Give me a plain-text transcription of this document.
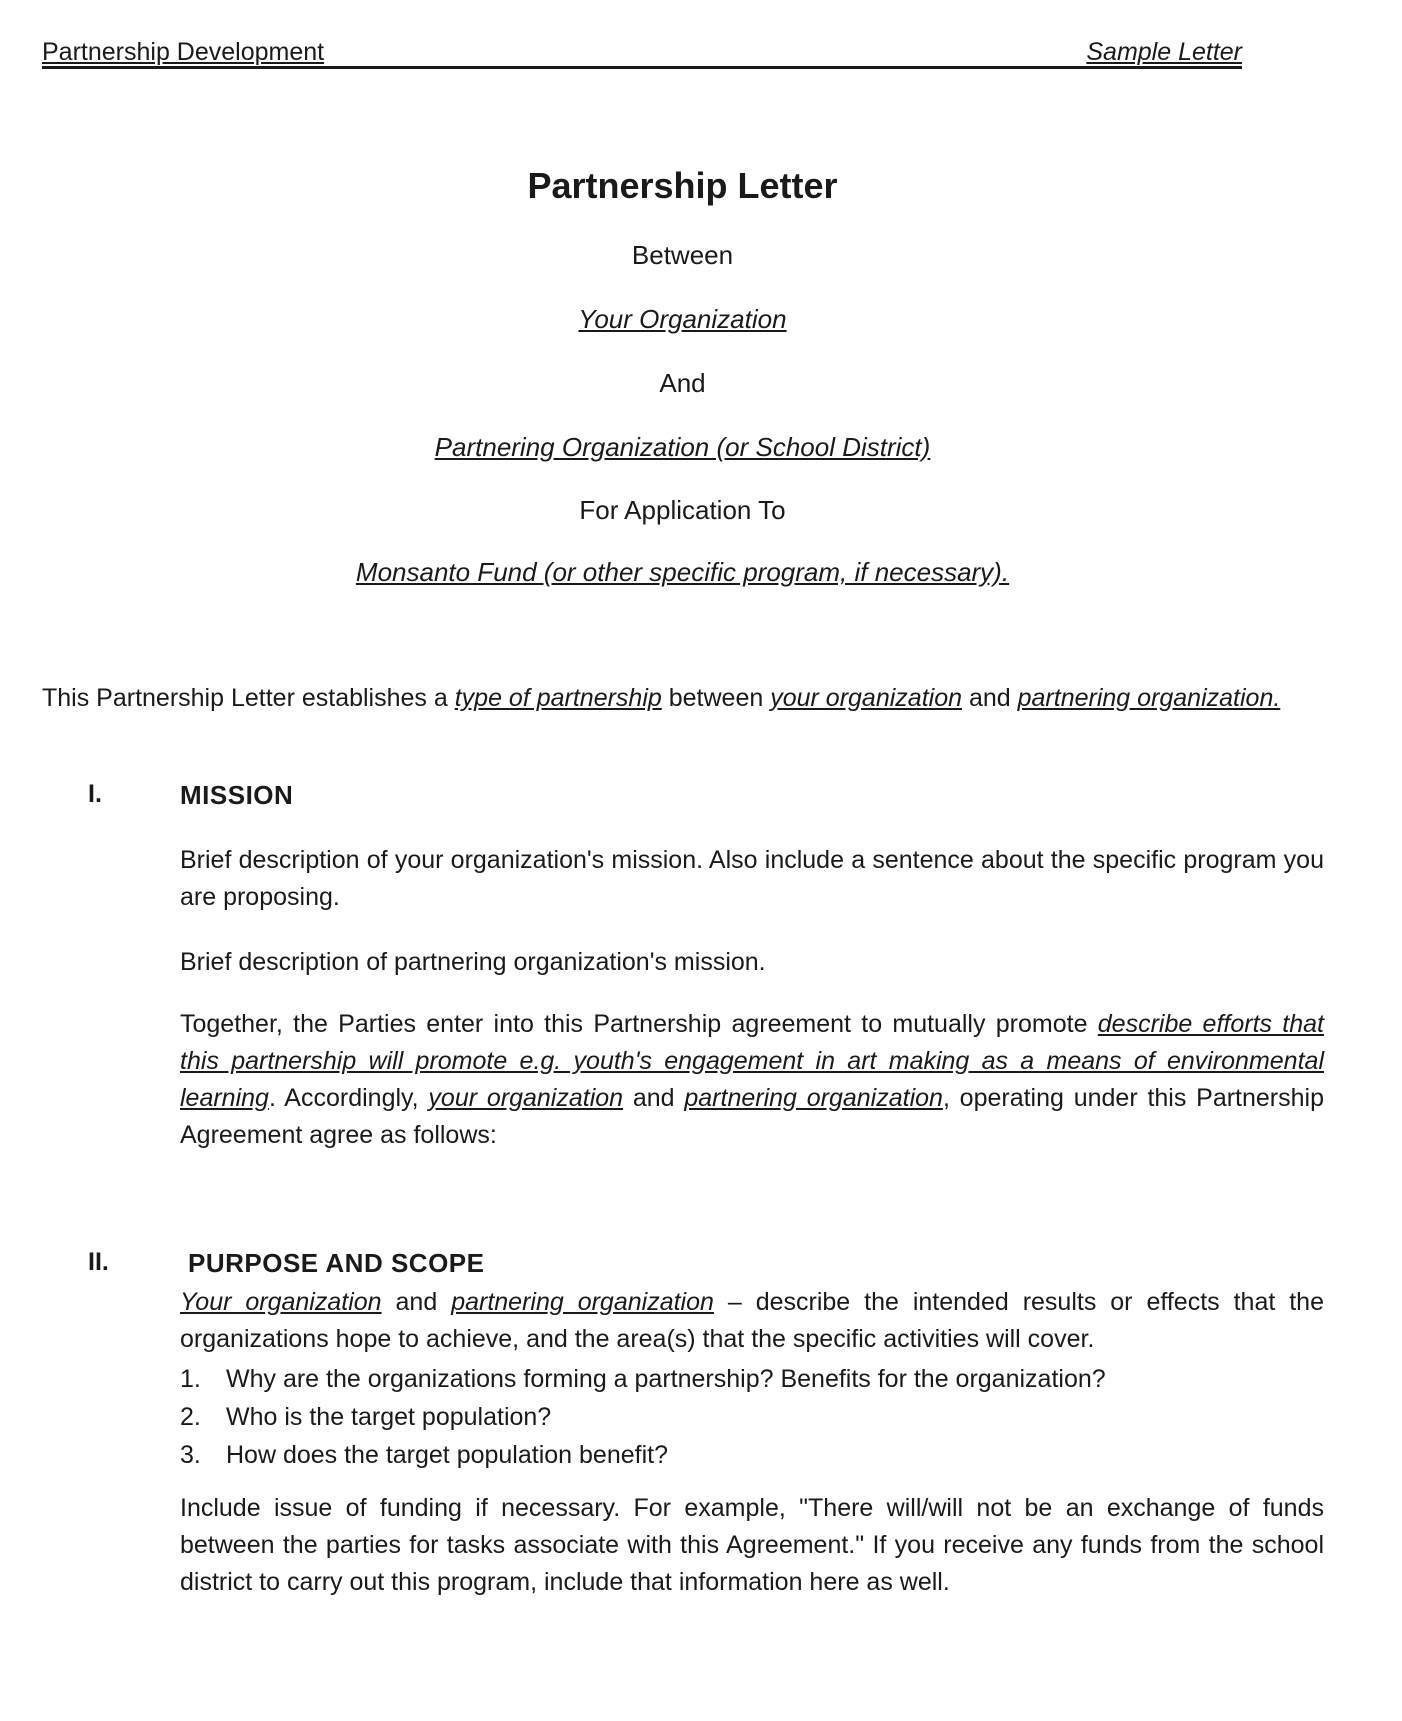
Partnership Development	Sample Letter
Partnership Letter
Between
Your Organization
And
Partnering Organization (or School District)
For Application To
Monsanto Fund (or other specific program, if necessary).
This Partnership Letter establishes a type of partnership between your organization and partnering organization.
I.	MISSION
Brief description of your organization's mission. Also include a sentence about the specific program you are proposing.
Brief description of partnering organization's mission.
Together, the Parties enter into this Partnership agreement to mutually promote describe efforts that this partnership will promote e.g. youth's engagement in art making as a means of environmental learning. Accordingly, your organization and partnering organization, operating under this Partnership Agreement agree as follows:
II.	PURPOSE AND SCOPE
Your organization and partnering organization – describe the intended results or effects that the organizations hope to achieve, and the area(s) that the specific activities will cover.
1.	Why are the organizations forming a partnership? Benefits for the organization?
2.	Who is the target population?
3.	How does the target population benefit?
Include issue of funding if necessary. For example, "There will/will not be an exchange of funds between the parties for tasks associate with this Agreement." If you receive any funds from the school district to carry out this program, include that information here as well.
